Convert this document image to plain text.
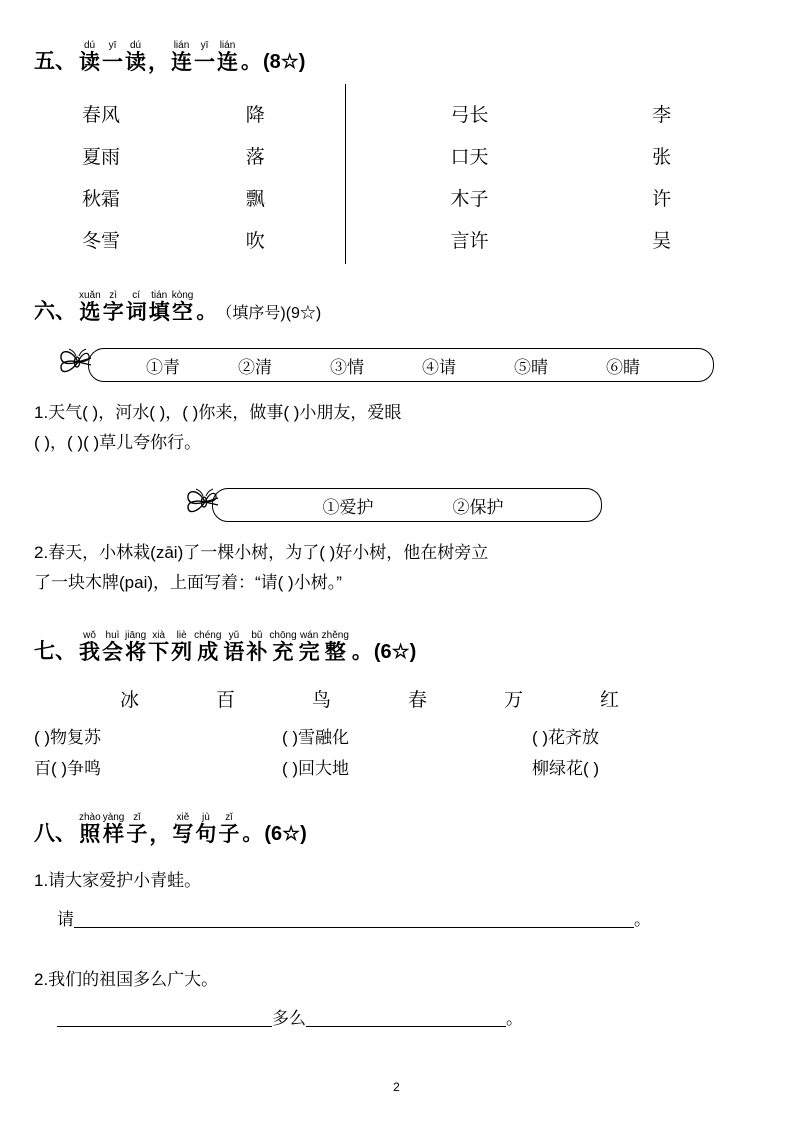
五、
dú
读
yī
一
dú
读
，
lián
连
yī
一
lián
连 。 (8☆)
春风	降	弓长	李
夏雨	落	口天	张
秋霜	飘	木子	许
冬雪	吹	言许	吴
六、
xuǎn
选
zì
字
cí
词
tián
填
kòng
空 。 （填序号)(9☆)
①青	②清	③情	④请	⑤晴	⑥睛
1.天气( )，河水( )，( )你来，做事( )小朋友，爱眼
( )，( )( )草儿夸你行。
①爱护	②保护
2.春天，小林栽(zāi)了一棵小树，为了( )好小树，他在树旁立
了一块木牌(pai)，上面写着：“请( )小树。”
七、
wǒ
我
huì
会
jiāng
将
xià
下
liè
列
chéng
成
yǔ
语
bǔ
补
chōng
充
wán
完
zhěng
整 。 (6☆)
冰	百	鸟	春	万	红
( )物复苏	( )雪融化	( )花齐放
百( )争鸣	( )回大地	柳绿花( )
八、
zhào
照
yàng
样
zǐ
子
，
xiě
写
jù
句
zǐ
子 。 (6☆)
1.请大家爱护小青蛙。
请	。
2.我们的祖国多么广大。
多么	。
2
